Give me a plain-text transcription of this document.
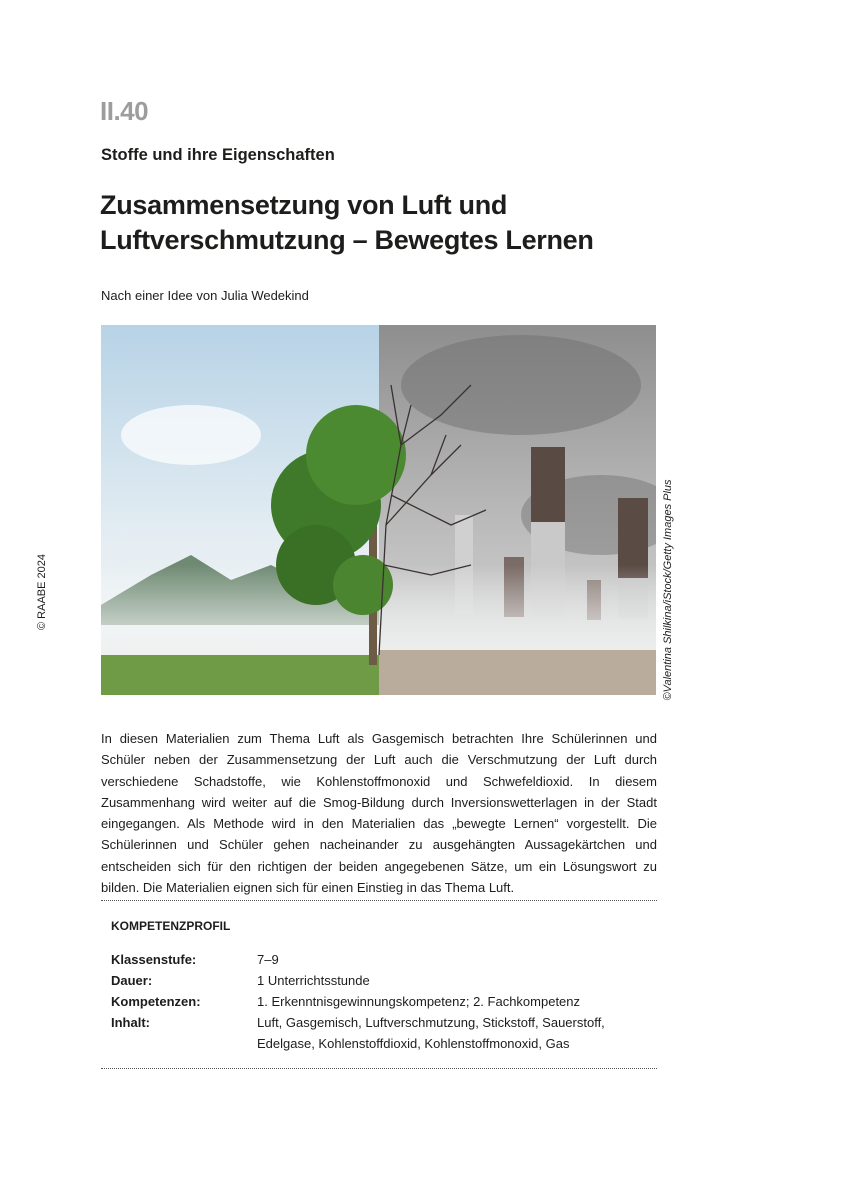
II.40
Stoffe und ihre Eigenschaften
Zusammensetzung von Luft und
Luftverschmutzung – Bewegtes Lernen
Nach einer Idee von Julia Wedekind
© RAABE 2024	©Valentina Shilkina/iStock/Getty Images Plus
In diesen Materialien zum Thema Luft als Gasgemisch betrachten Ihre Schülerinnen und Schüler neben der Zusammensetzung der Luft auch die Verschmutzung der Luft durch verschiedene Schadstoffe, wie Kohlenstoffmonoxid und Schwefeldioxid. In diesem Zusammenhang wird weiter auf die Smog-Bildung durch Inversionswetterlagen in der Stadt eingegangen. Als Methode wird in den Materialien das „bewegte Lernen“ vorgestellt. Die Schülerinnen und Schüler gehen nacheinander zu ausgehängten Aussagekärtchen und entscheiden sich für den richtigen der beiden angegebenen Sätze, um ein Lösungswort zu bilden. Die Materialien eignen sich für einen Einstieg in das Thema Luft.
KOMPETENZPROFIL
Klassenstufe:	7–9
Dauer:	1 Unterrichtsstunde
Kompetenzen:	1. Erkenntnisgewinnungskompetenz; 2. Fachkompetenz
Inhalt:	Luft, Gasgemisch, Luftverschmutzung, Stickstoff, Sauerstoff, Edelgase, Kohlenstoffdioxid, Kohlenstoffmonoxid, Gas
